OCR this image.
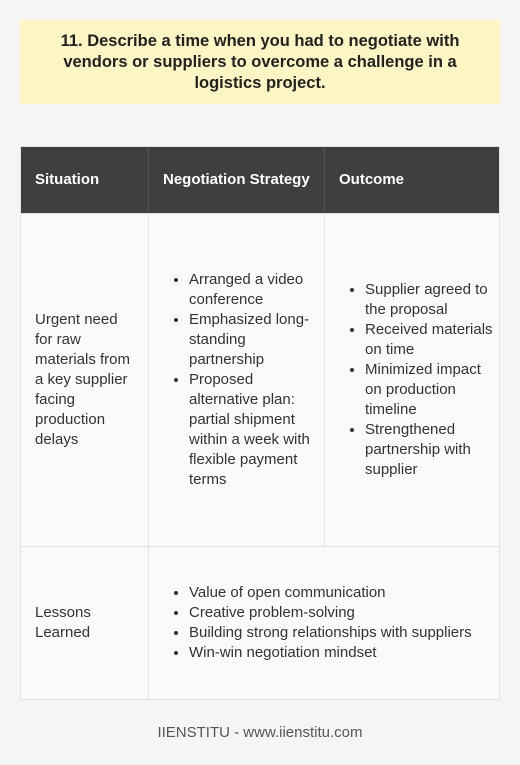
11. Describe a time when you had to negotiate with vendors or suppliers to overcome a challenge in a logistics project.
Situation	Negotiation Strategy	Outcome
Urgent need for raw materials from a key supplier facing production delays
• Arranged a video conference
• Emphasized long-standing partnership
• Proposed alternative plan: partial shipment within a week with flexible payment terms
• Supplier agreed to the proposal
• Received materials on time
• Minimized impact on production timeline
• Strengthened partnership with supplier
Lessons Learned
• Value of open communication
• Creative problem-solving
• Building strong relationships with suppliers
• Win-win negotiation mindset
IIENSTITU - www.iienstitu.com
